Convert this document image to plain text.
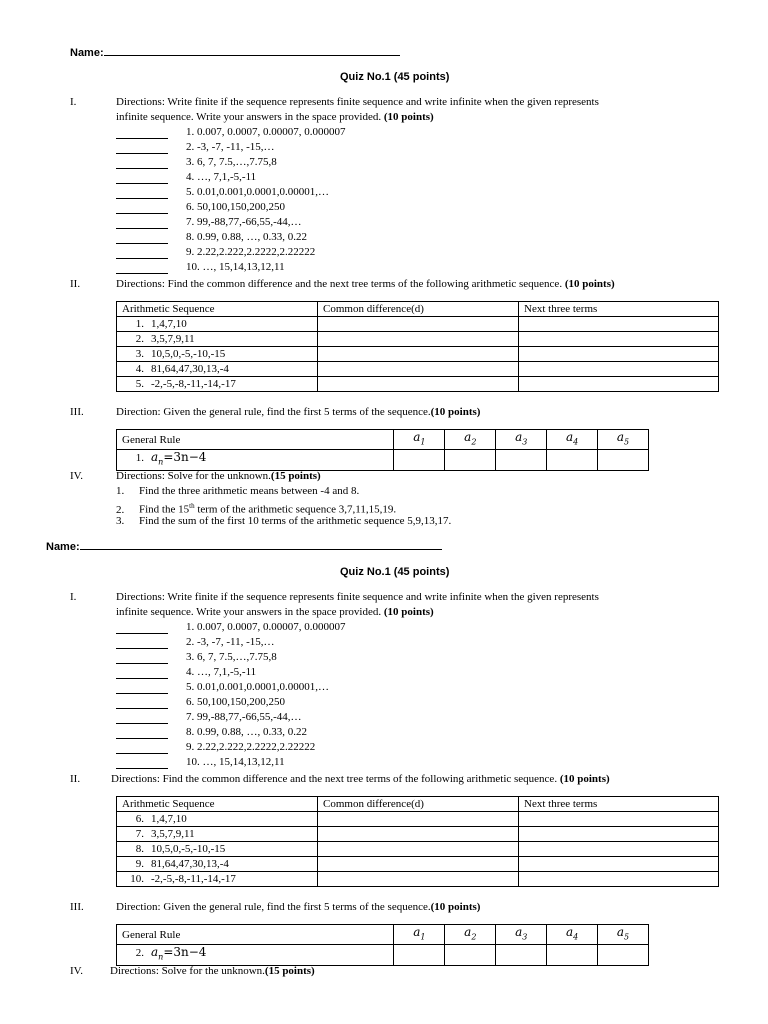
Name:
Quiz No.1 (45 points)
I.	Directions: Write finite if the sequence represents finite sequence and write infinite when the given represents
infinite sequence. Write your answers in the space provided. (10 points)
1. 0.007, 0.0007, 0.00007, 0.000007
2. -3, -7, -11, -15,…
3. 6, 7, 7.5,…,7.75,8
4. …, 7,1,-5,-11
5. 0.01,0.001,0.0001,0.00001,…
6. 50,100,150,200,250
7. 99,-88,77,-66,55,-44,…
8. 0.99, 0.88, …, 0.33, 0.22
9. 2.22,2.222,2.2222,2.22222
10. …, 15,14,13,12,11
II.	Directions: Find the common difference and the next tree terms of the following arithmetic sequence. (10 points)
Arithmetic Sequence	Common difference(d)	Next three terms
1. 1,4,7,10		
2. 3,5,7,9,11		
3. 10,5,0,-5,-10,-15		
4. 81,64,47,30,13,-4		
5. -2,-5,-8,-11,-14,-17		
III.	Direction: Given the general rule, find the first 5 terms of the sequence.(10 points)
General Rule	$a_1$	$a_2$	$a_3$	$a_4$	$a_5$
1. $a_n=3n-4$					
IV.	Directions: Solve for the unknown.(15 points)
1. Find the three arithmetic means between -4 and 8.
2. Find the 15th term of the arithmetic sequence 3,7,11,15,19.
3. Find the sum of the first 10 terms of the arithmetic sequence 5,9,13,17.
Name:
Quiz No.1 (45 points)
I.	Directions: Write finite if the sequence represents finite sequence and write infinite when the given represents
infinite sequence. Write your answers in the space provided. (10 points)
1. 0.007, 0.0007, 0.00007, 0.000007
2. -3, -7, -11, -15,…
3. 6, 7, 7.5,…,7.75,8
4. …, 7,1,-5,-11
5. 0.01,0.001,0.0001,0.00001,…
6. 50,100,150,200,250
7. 99,-88,77,-66,55,-44,…
8. 0.99, 0.88, …, 0.33, 0.22
9. 2.22,2.222,2.2222,2.22222
10. …, 15,14,13,12,11
II.	Directions: Find the common difference and the next tree terms of the following arithmetic sequence. (10 points)
Arithmetic Sequence	Common difference(d)	Next three terms
6. 1,4,7,10		
7. 3,5,7,9,11		
8. 10,5,0,-5,-10,-15		
9. 81,64,47,30,13,-4		
10. -2,-5,-8,-11,-14,-17		
III.	Direction: Given the general rule, find the first 5 terms of the sequence.(10 points)
General Rule	$a_1$	$a_2$	$a_3$	$a_4$	$a_5$
2. $a_n=3n-4$					
IV. Directions: Solve for the unknown.(15 points)
